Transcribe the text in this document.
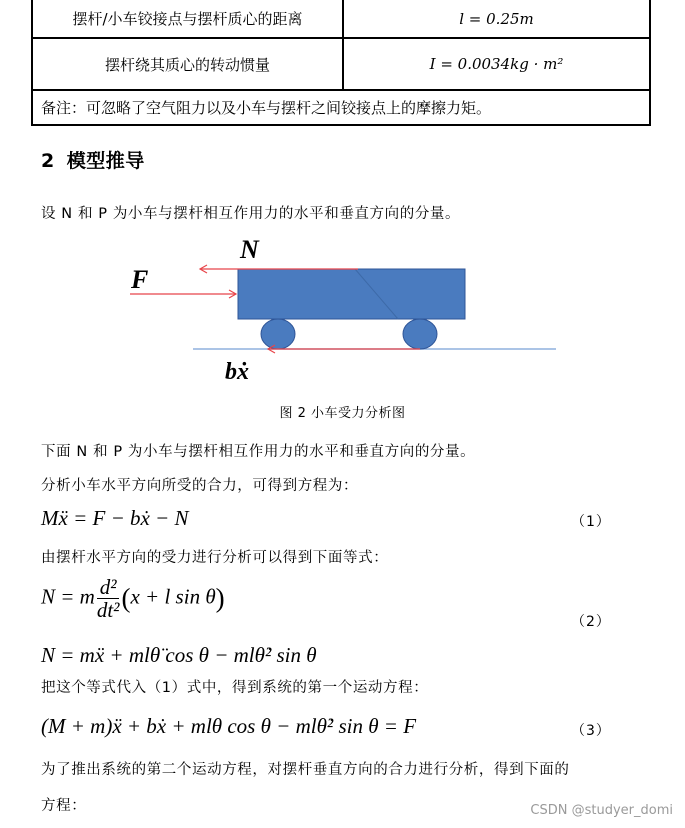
摆杆/小车铰接点与摆杆质心的距离	l = 0.25m
摆杆绕其质心的转动惯量	I = 0.0034kg · m²
备注：可忽略了空气阻力以及小车与摆杆之间铰接点上的摩擦力矩。	
2 模型推导
设 N 和 P 为小车与摆杆相互作用力的水平和垂直方向的分量。
N
F
bẋ
图 2 小车受力分析图
下面 N 和 P 为小车与摆杆相互作用力的水平和垂直方向的分量。
分析小车水平方向所受的合力，可得到方程为：
Mẍ = F − bẋ − N	（1）
由摆杆水平方向的受力进行分析可以得到下面等式：
N = m $\frac{\text{d²}}{\text{dt²}} (x + l$ sin θ)
（2）
N = mẍ + mlθ̈ cos θ − mlθ̇² sin θ
把这个等式代入（1）式中，得到系统的第一个运动方程：
(M + m)ẍ + bẋ + mlθ cos θ − mlθ̇² sin θ = F	（3）
为了推出系统的第二个运动方程，对摆杆垂直方向的合力进行分析，得到下面的
方程：	CSDN @studyer_domi
